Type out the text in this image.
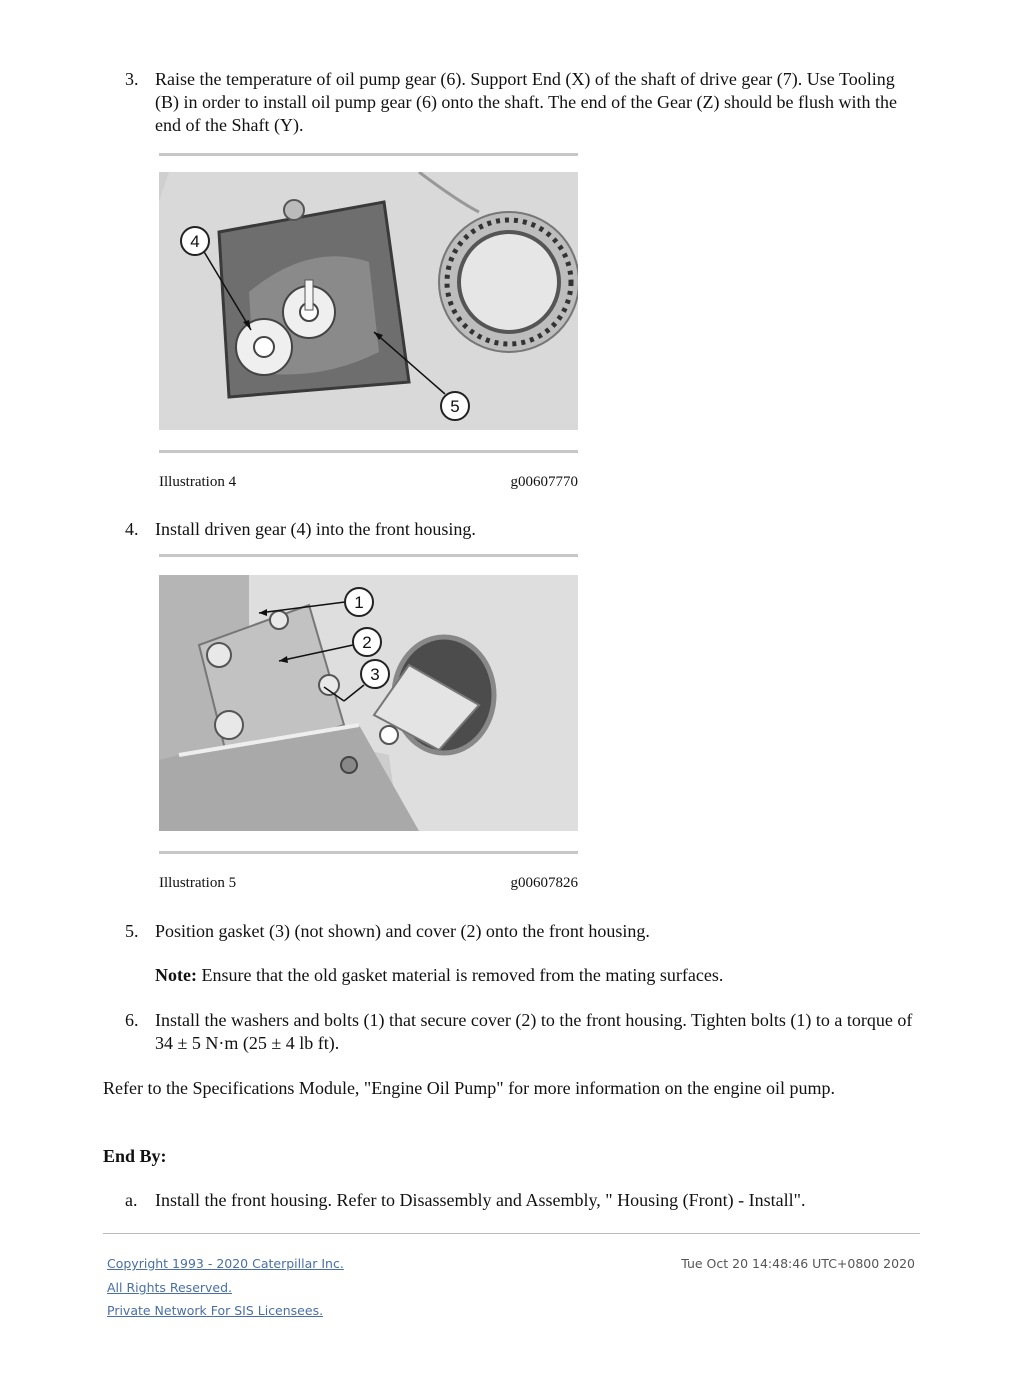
3. Raise the temperature of oil pump gear (6). Support End (X) of the shaft of drive gear (7). Use Tooling (B) in order to install oil pump gear (6) onto the shaft. The end of the Gear (Z) should be flush with the end of the Shaft (Y).
4
5
Illustration 4	g00607770
4. Install driven gear (4) into the front housing.
1
2
3
Illustration 5	g00607826
5. Position gasket (3) (not shown) and cover (2) onto the front housing.
Note: Ensure that the old gasket material is removed from the mating surfaces.
6. Install the washers and bolts (1) that secure cover (2) to the front housing. Tighten bolts (1) to a torque of 34 ± 5 N·m (25 ± 4 lb ft).
Refer to the Specifications Module, "Engine Oil Pump" for more information on the engine oil pump.
End By:
a. Install the front housing. Refer to Disassembly and Assembly, " Housing (Front) - Install".
Copyright 1993 - 2020 Caterpillar Inc.
All Rights Reserved.
Private Network For SIS Licensees.
Tue Oct 20 14:48:46 UTC+0800 2020
